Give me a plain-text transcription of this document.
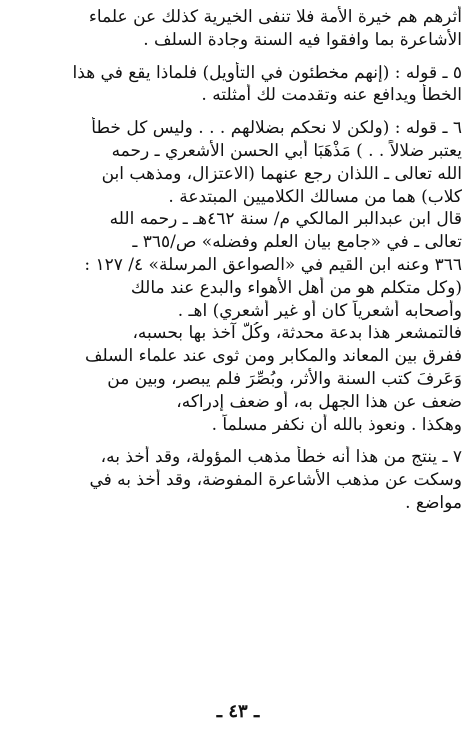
أثرهم هم خيرة الأمة فلا تنفى الخيرية كذلك عن علماء
الأشاعرة بما وافقوا فيه السنة وجادة السلف .
٥ ـ قوله : (إنهم مخطئون في التأويل) فلماذا يقع في هذا
الخطأ ويدافع عنه وتقدمت لك أمثلته .
٦ ـ قوله : (ولكن لا نحكم بضلالهم . . . وليس كل خطأ
يعتبر ضلالاً . . ) مَذْهَبَا أبي الحسن الأشعري ـ رحمه
الله تعالى ـ اللذان رجع عنهما (الاعتزال، ومذهب ابن
كلاب) هما من مسالك الكلاميين المبتدعة .
قال ابن عبدالبر المالكي م/ سنة ٤٦٢هـ ـ رحمه الله
تعالى ـ في «جامع بيان العلم وفضله» ص/٣٦٥ ـ
٣٦٦ وعنه ابن القيم في «الصواعق المرسلة» ٤/ ١٢٧ :
(وكل متكلم هو من أهل الأهواء والبدع عند مالك
وأصحابه أشعرياً كان أو غير أشعري) اهـ .
فالتمشعر هذا بدعة محدثة، وكُلٌّ آخذ بها بحسبه،
ففرق بين المعاند والمكابر ومن ثوى عند علماء السلف
وَعَرفَ كتب السنة والأثر، وبُصِّرَ فلم يبصر، وبين من
ضعف عن هذا الجهل به، أو ضعف إدراكه،
وهكذا . ونعوذ بالله أن نكفر مسلماً .
٧ ـ ينتج من هذا أنه خطأ مذهب المؤولة، وقد أخذ به،
وسكت عن مذهب الأشاعرة المفوضة، وقد أخذ به في
مواضع .
ـ ٤٣ ـ
